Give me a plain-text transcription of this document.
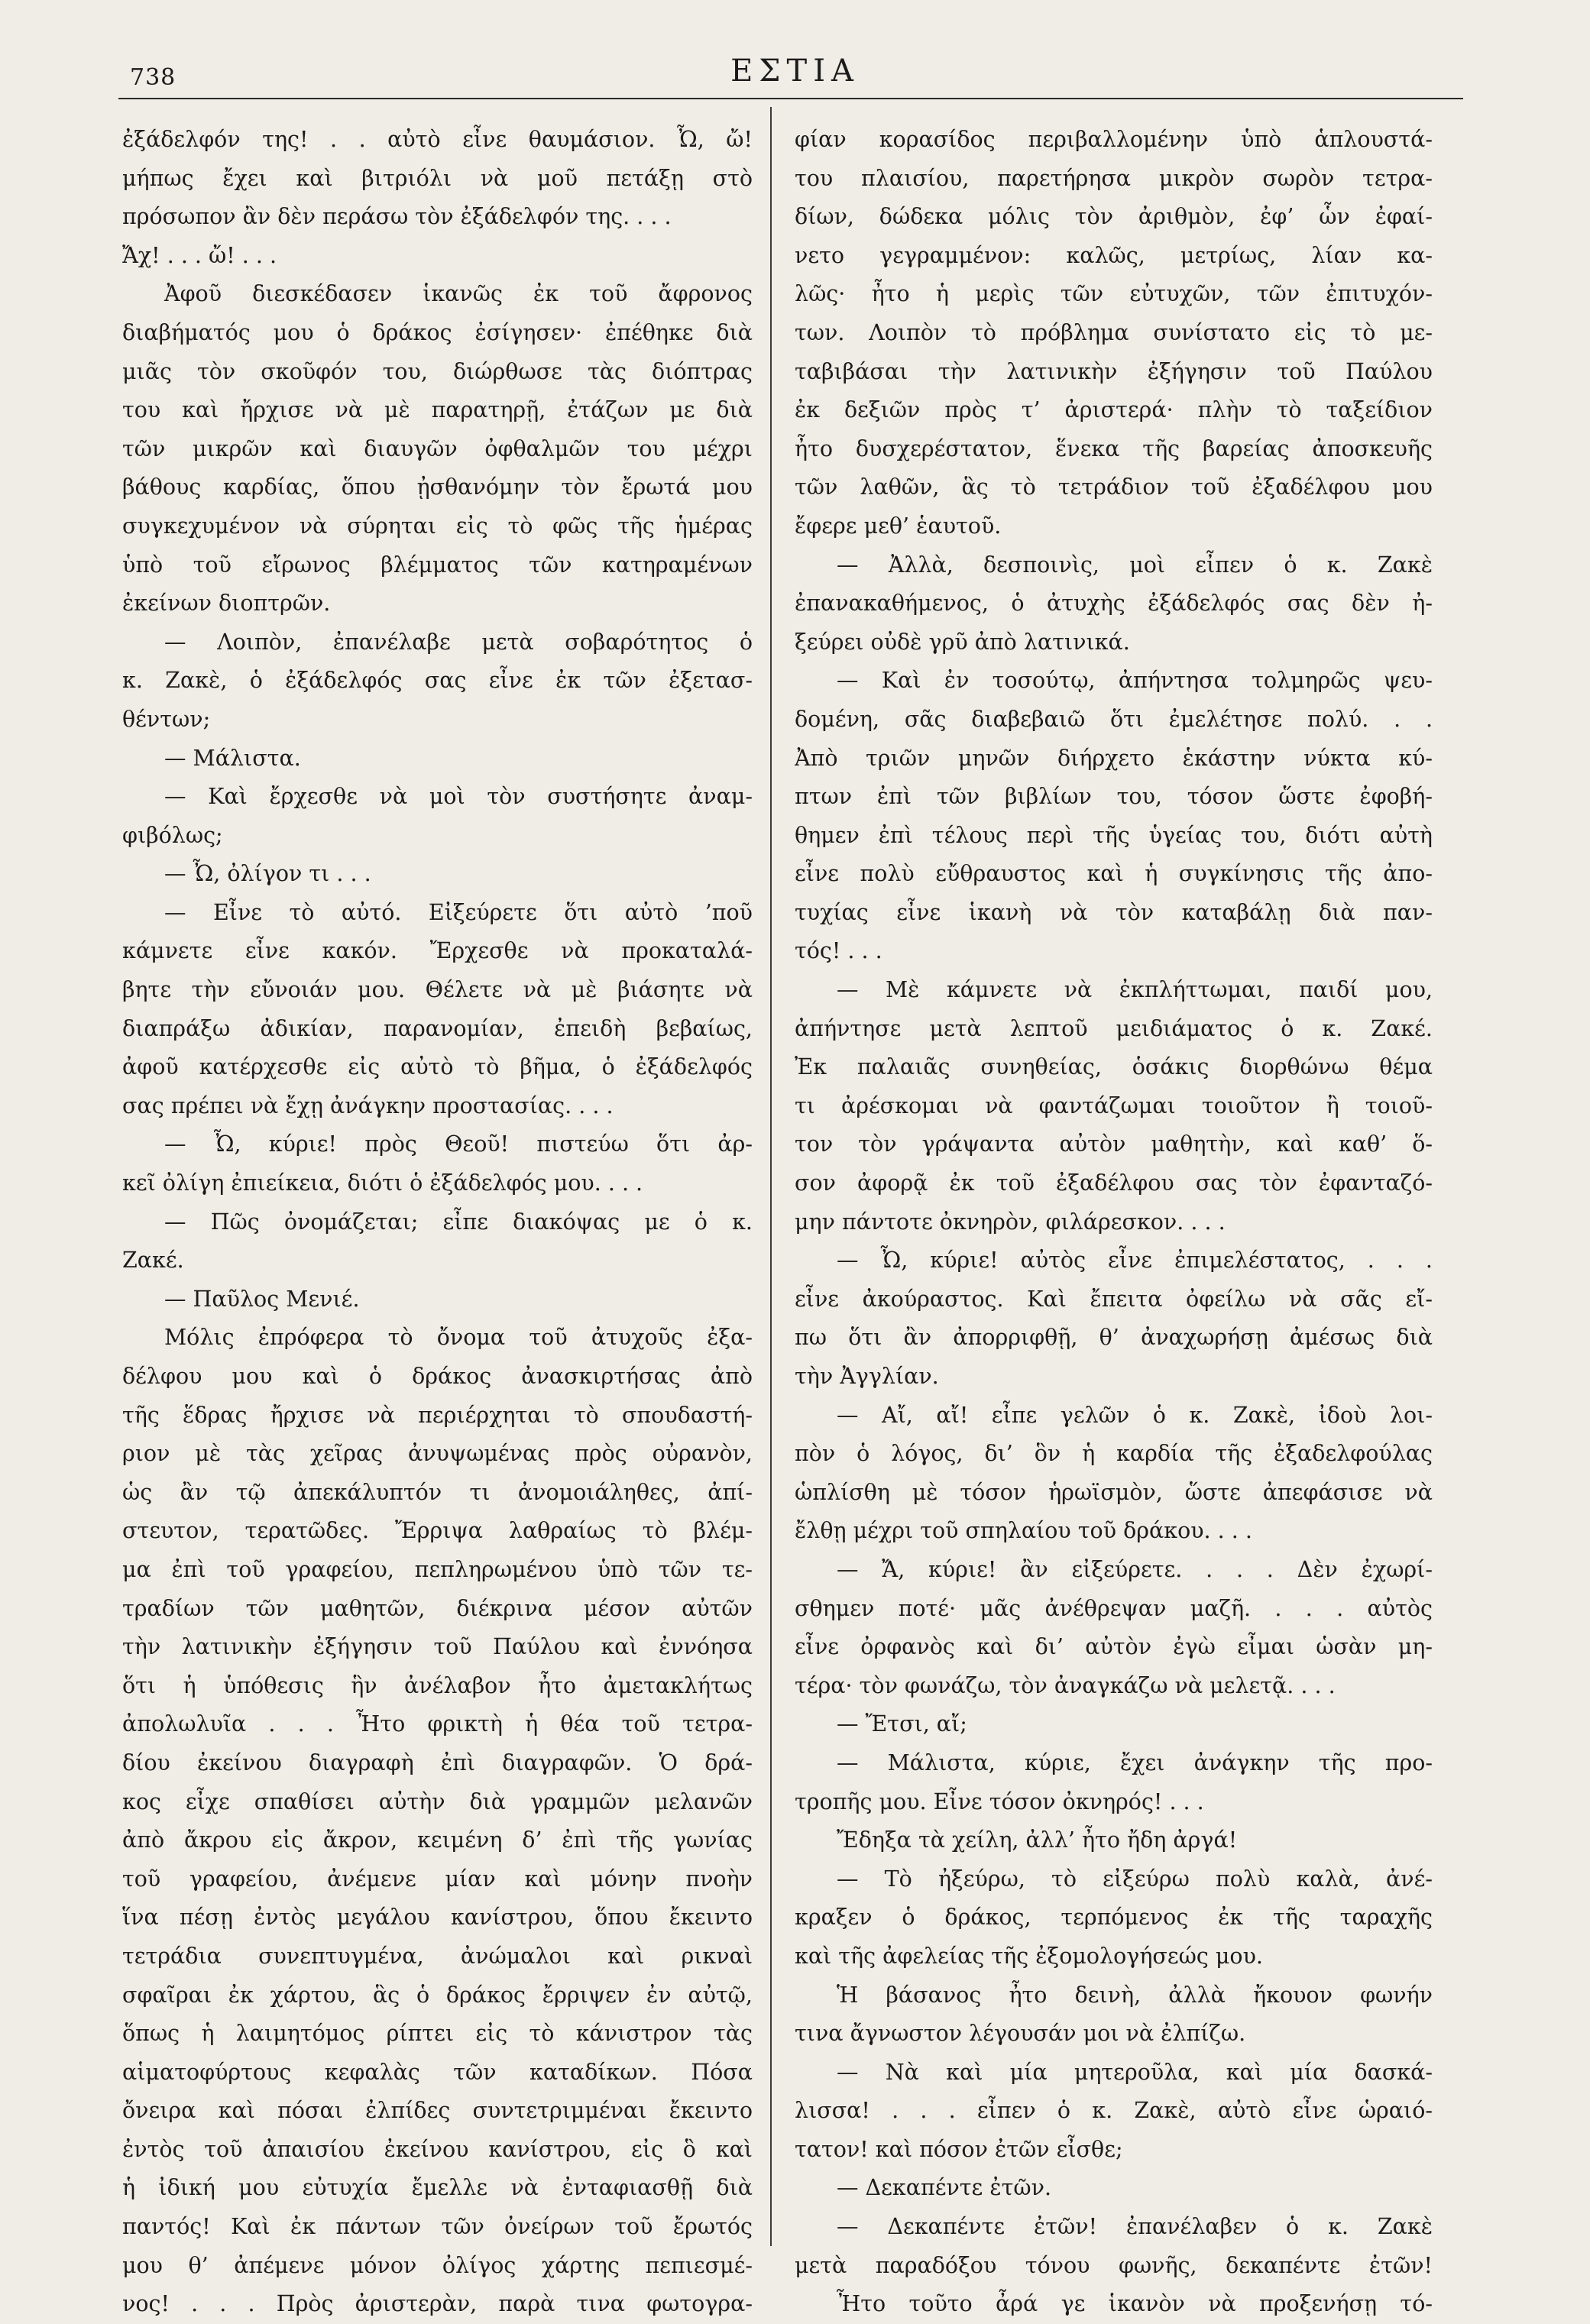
738	ΕΣΤΙΑ
ἐξάδελφόν της! . . αὐτὸ εἶνε θαυμάσιον. Ὦ, ὤ!
μήπως ἔχει καὶ βιτριόλι νὰ μοῦ πετάξῃ στὸ
πρόσωπον ἂν δὲν περάσω τὸν ἐξάδελφόν της. . . .
Ἄχ! . . . ὤ! . . .
Ἀφοῦ διεσκέδασεν ἱκανῶς ἐκ τοῦ ἄφρονος
διαβήματός μου ὁ δράκος ἐσίγησεν· ἐπέθηκε διὰ
μιᾶς τὸν σκοῦφόν του, διώρθωσε τὰς διόπτρας
του καὶ ἤρχισε νὰ μὲ παρατηρῇ, ἐτάζων με διὰ
τῶν μικρῶν καὶ διαυγῶν ὀφθαλμῶν του μέχρι
βάθους καρδίας, ὅπου ᾐσθανόμην τὸν ἔρωτά μου
συγκεχυμένον νὰ σύρηται εἰς τὸ φῶς τῆς ἡμέρας
ὑπὸ τοῦ εἴρωνος βλέμματος τῶν κατηραμένων
ἐκείνων διοπτρῶν.
— Λοιπὸν, ἐπανέλαβε μετὰ σοβαρότητος ὁ
κ. Ζακὲ, ὁ ἐξάδελφός σας εἶνε ἐκ τῶν ἐξετασ-
θέντων;
— Μάλιστα.
— Καὶ ἔρχεσθε νὰ μοὶ τὸν συστήσητε ἀναμ-
φιβόλως;
— Ὦ, ὀλίγον τι . . .
— Εἶνε τὸ αὐτό. Εἰξεύρετε ὅτι αὐτὸ ’ποῦ
κάμνετε εἶνε κακόν. Ἔρχεσθε νὰ προκαταλά-
βητε τὴν εὔνοιάν μου. Θέλετε νὰ μὲ βιάσητε νὰ
διαπράξω ἀδικίαν, παρανομίαν, ἐπειδὴ βεβαίως,
ἀφοῦ κατέρχεσθε εἰς αὐτὸ τὸ βῆμα, ὁ ἐξάδελφός
σας πρέπει νὰ ἔχῃ ἀνάγκην προστασίας. . . .
— Ὦ, κύριε! πρὸς Θεοῦ! πιστεύω ὅτι ἀρ-
κεῖ ὀλίγη ἐπιείκεια, διότι ὁ ἐξάδελφός μου. . . .
— Πῶς ὀνομάζεται; εἶπε διακόψας με ὁ κ.
Ζακέ.
— Παῦλος Μενιέ.
Μόλις ἐπρόφερα τὸ ὄνομα τοῦ ἀτυχοῦς ἐξα-
δέλφου μου καὶ ὁ δράκος ἀνασκιρτήσας ἀπὸ
τῆς ἕδρας ἤρχισε νὰ περιέρχηται τὸ σπουδαστή-
ριον μὲ τὰς χεῖρας ἀνυψωμένας πρὸς οὐρανὸν,
ὡς ἂν τῷ ἀπεκάλυπτόν τι ἀνομοιάληθες, ἀπί-
στευτον, τερατῶδες. Ἔρριψα λαθραίως τὸ βλέμ-
μα ἐπὶ τοῦ γραφείου, πεπληρωμένου ὑπὸ τῶν τε-
τραδίων τῶν μαθητῶν, διέκρινα μέσον αὐτῶν
τὴν λατινικὴν ἐξήγησιν τοῦ Παύλου καὶ ἐννόησα
ὅτι ἡ ὑπόθεσις ἣν ἀνέλαβον ἦτο ἀμετακλήτως
ἀπολωλυῖα . . . Ἦτο φρικτὴ ἡ θέα τοῦ τετρα-
δίου ἐκείνου διαγραφὴ ἐπὶ διαγραφῶν. Ὁ δρά-
κος εἶχε σπαθίσει αὐτὴν διὰ γραμμῶν μελανῶν
ἀπὸ ἄκρου εἰς ἄκρον, κειμένη δ’ ἐπὶ τῆς γωνίας
τοῦ γραφείου, ἀνέμενε μίαν καὶ μόνην πνοὴν
ἵνα πέσῃ ἐντὸς μεγάλου κανίστρου, ὅπου ἔκειντο
τετράδια συνεπτυγμένα, ἀνώμαλοι καὶ ρικναὶ
σφαῖραι ἐκ χάρτου, ἃς ὁ δράκος ἔρριψεν ἐν αὐτῷ,
ὅπως ἡ λαιμητόμος ρίπτει εἰς τὸ κάνιστρον τὰς
αἱματοφύρτους κεφαλὰς τῶν καταδίκων. Πόσα
ὄνειρα καὶ πόσαι ἐλπίδες συντετριμμέναι ἔκειντο
ἐντὸς τοῦ ἀπαισίου ἐκείνου κανίστρου, εἰς ὃ καὶ
ἡ ἰδική μου εὐτυχία ἔμελλε νὰ ἐνταφιασθῇ διὰ
παντός! Καὶ ἐκ πάντων τῶν ὀνείρων τοῦ ἔρωτός
μου θ’ ἀπέμενε μόνον ὀλίγος χάρτης πεπιεσμέ-
νος! . . . Πρὸς ἀριστερὰν, παρὰ τινα φωτογρα-
φίαν κορασίδος περιβαλλομένην ὑπὸ ἁπλουστά-
του πλαισίου, παρετήρησα μικρὸν σωρὸν τετρα-
δίων, δώδεκα μόλις τὸν ἀριθμὸν, ἐφ’ ὧν ἐφαί-
νετο γεγραμμένον: καλῶς, μετρίως, λίαν κα-
λῶς· ἦτο ἡ μερὶς τῶν εὐτυχῶν, τῶν ἐπιτυχόν-
των. Λοιπὸν τὸ πρόβλημα συνίστατο εἰς τὸ με-
ταβιβάσαι τὴν λατινικὴν ἐξήγησιν τοῦ Παύλου
ἐκ δεξιῶν πρὸς τ’ ἀριστερά· πλὴν τὸ ταξείδιον
ἦτο δυσχερέστατον, ἕνεκα τῆς βαρείας ἀποσκευῆς
τῶν λαθῶν, ἃς τὸ τετράδιον τοῦ ἐξαδέλφου μου
ἔφερε μεθ’ ἑαυτοῦ.
— Ἀλλὰ, δεσποινὶς, μοὶ εἶπεν ὁ κ. Ζακὲ
ἐπανακαθήμενος, ὁ ἀτυχὴς ἐξάδελφός σας δὲν ἠ-
ξεύρει οὐδὲ γρῦ ἀπὸ λατινικά.
— Καὶ ἐν τοσούτῳ, ἀπήντησα τολμηρῶς ψευ-
δομένη, σᾶς διαβεβαιῶ ὅτι ἐμελέτησε πολύ. . .
Ἀπὸ τριῶν μηνῶν διήρχετο ἑκάστην νύκτα κύ-
πτων ἐπὶ τῶν βιβλίων του, τόσον ὥστε ἐφοβή-
θημεν ἐπὶ τέλους περὶ τῆς ὑγείας του, διότι αὐτὴ
εἶνε πολὺ εὔθραυστος καὶ ἡ συγκίνησις τῆς ἀπο-
τυχίας εἶνε ἱκανὴ νὰ τὸν καταβάλῃ διὰ παν-
τός! . . .
— Μὲ κάμνετε νὰ ἐκπλήττωμαι, παιδί μου,
ἀπήντησε μετὰ λεπτοῦ μειδιάματος ὁ κ. Ζακέ.
Ἐκ παλαιᾶς συνηθείας, ὁσάκις διορθώνω θέμα
τι ἀρέσκομαι νὰ φαντάζωμαι τοιοῦτον ἢ τοιοῦ-
τον τὸν γράψαντα αὐτὸν μαθητὴν, καὶ καθ’ ὅ-
σον ἀφορᾷ ἐκ τοῦ ἐξαδέλφου σας τὸν ἐφανταζό-
μην πάντοτε ὀκνηρὸν, φιλάρεσκον. . . .
— Ὦ, κύριε! αὐτὸς εἶνε ἐπιμελέστατος, . . .
εἶνε ἀκούραστος. Καὶ ἔπειτα ὀφείλω νὰ σᾶς εἴ-
πω ὅτι ἂν ἀπορριφθῇ, θ’ ἀναχωρήσῃ ἀμέσως διὰ
τὴν Ἀγγλίαν.
— Αἴ, αἴ! εἶπε γελῶν ὁ κ. Ζακὲ, ἰδοὺ λοι-
πὸν ὁ λόγος, δι’ ὃν ἡ καρδία τῆς ἐξαδελφούλας
ὡπλίσθη μὲ τόσον ἡρωϊσμὸν, ὥστε ἀπεφάσισε νὰ
ἔλθῃ μέχρι τοῦ σπηλαίου τοῦ δράκου. . . .
— Ἄ, κύριε! ἂν εἰξεύρετε. . . . Δὲν ἐχωρί-
σθημεν ποτέ· μᾶς ἀνέθρεψαν μαζῆ. . . . αὐτὸς
εἶνε ὀρφανὸς καὶ δι’ αὐτὸν ἐγὼ εἶμαι ὡσὰν μη-
τέρα· τὸν φωνάζω, τὸν ἀναγκάζω νὰ μελετᾷ. . . .
— Ἔτσι, αἴ;
— Μάλιστα, κύριε, ἔχει ἀνάγκην τῆς προ-
τροπῆς μου. Εἶνε τόσον ὀκνηρός! . . .
Ἔδηξα τὰ χείλη, ἀλλ’ ἦτο ἤδη ἀργά!
— Τὸ ἠξεύρω, τὸ εἰξεύρω πολὺ καλὰ, ἀνέ-
κραξεν ὁ δράκος, τερπόμενος ἐκ τῆς ταραχῆς
καὶ τῆς ἀφελείας τῆς ἐξομολογήσεώς μου.
Ἡ βάσανος ἦτο δεινὴ, ἀλλὰ ἤκουον φωνήν
τινα ἄγνωστον λέγουσάν μοι νὰ ἐλπίζω.
— Νὰ καὶ μία μητεροῦλα, καὶ μία δασκά-
λισσα! . . . εἶπεν ὁ κ. Ζακὲ, αὐτὸ εἶνε ὡραιό-
τατον! καὶ πόσον ἐτῶν εἶσθε;
— Δεκαπέντε ἐτῶν.
— Δεκαπέντε ἐτῶν! ἐπανέλαβεν ὁ κ. Ζακὲ
μετὰ παραδόξου τόνου φωνῆς, δεκαπέντε ἐτῶν!
Ἦτο τοῦτο ἆρά γε ἱκανὸν νὰ προξενήσῃ τό-
